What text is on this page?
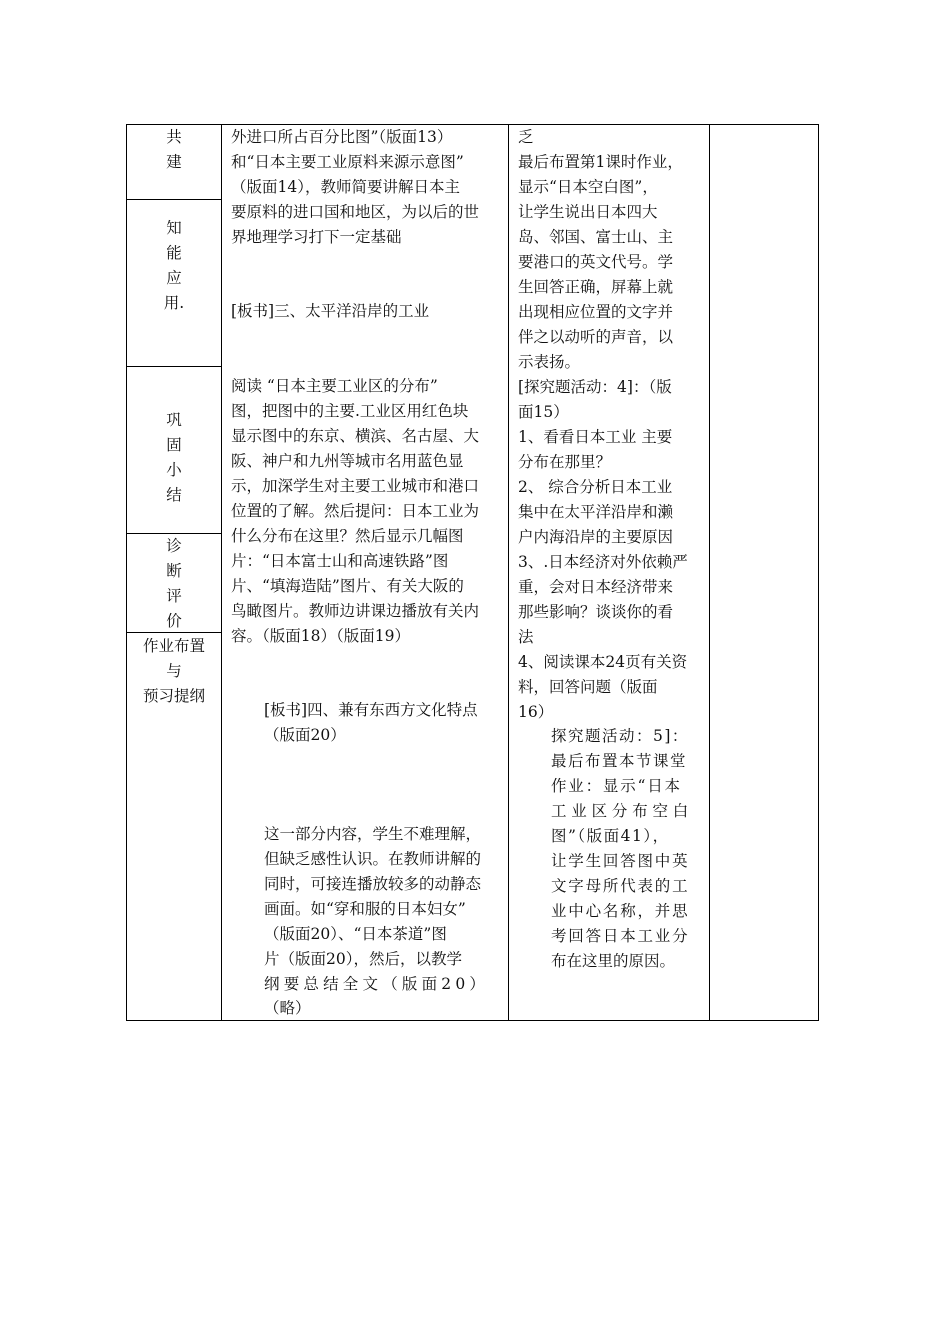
共
建
知
能
应
用.
巩
固
小
结
诊
断
评
价
作业布置
与
预习提纲
外进口所占百分比图”（版面13）
和“日本主要工业原料来源示意图”
（版面14），教师简要讲解日本主
要原料的进口国和地区，为以后的世
界地理学习打下一定基础
[板书]三、太平洋沿岸的工业
阅读 “日本主要工业区的分布”
图，把图中的主要.工业区用红色块
显示图中的东京、横滨、名古屋、大
阪、神户和九州等城市名用蓝色显
示，加深学生对主要工业城市和港口
位置的了解。然后提问：日本工业为
什么分布在这里？然后显示几幅图
片：“日本富士山和高速铁路”图
片、“填海造陆”图片、有关大阪的
鸟瞰图片。教师边讲课边播放有关内
容。（版面18）（版面19）
[板书]四、兼有东西方文化特点
（版面20）
这一部分内容，学生不难理解，
但缺乏感性认识。在教师讲解的
同时，可接连播放较多的动静态
画面。如“穿和服的日本妇女”
（版面20）、“日本茶道”图
片（版面20），然后，以教学
纲要总结全文（版面20）
（略）
乏
最后布置第1课时作业，
显示“日本空白图”，
让学生说出日本四大
岛、邻国、富士山、主
要港口的英文代号。学
生回答正确，屏幕上就
出现相应位置的文字并
伴之以动听的声音，以
示表扬。
[探究题活动：4]：（版
面15）
1、看看日本工业 主要
分布在那里？
2、 综合分析日本工业
集中在太平洋沿岸和濑
户内海沿岸的主要原因
3、.日本经济对外依赖严
重，会对日本经济带来
那些影响？谈谈你的看
法
4、阅读课本24页有关资
料，回答问题（版面
16）
探究题活动：5]：
最后布置本节课堂
作业：显示“日本
工业区分布空白
图”（版面41），
让学生回答图中英
文字母所代表的工
业中心名称，并思
考回答日本工业分
布在这里的原因。
